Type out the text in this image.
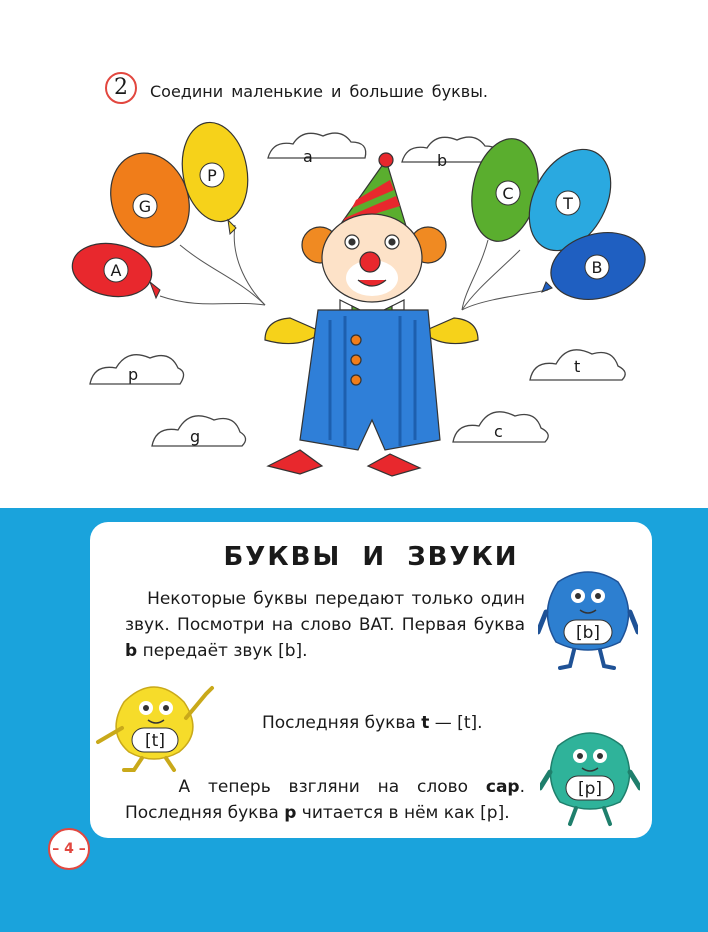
2	Соедини маленькие и большие буквы.
a	b
p	t
g	c
A
G
P
C
T
B
БУКВЫ И ЗВУКИ
Некоторые буквы передают только один звук. Посмотри на слово BAT. Первая буква b передаёт звук [b].
Последняя буква t — [t].
А теперь взгляни на слово cap. Последняя буква p читается в нём как [p].
[b]
[t]
[p]
– 4 –
